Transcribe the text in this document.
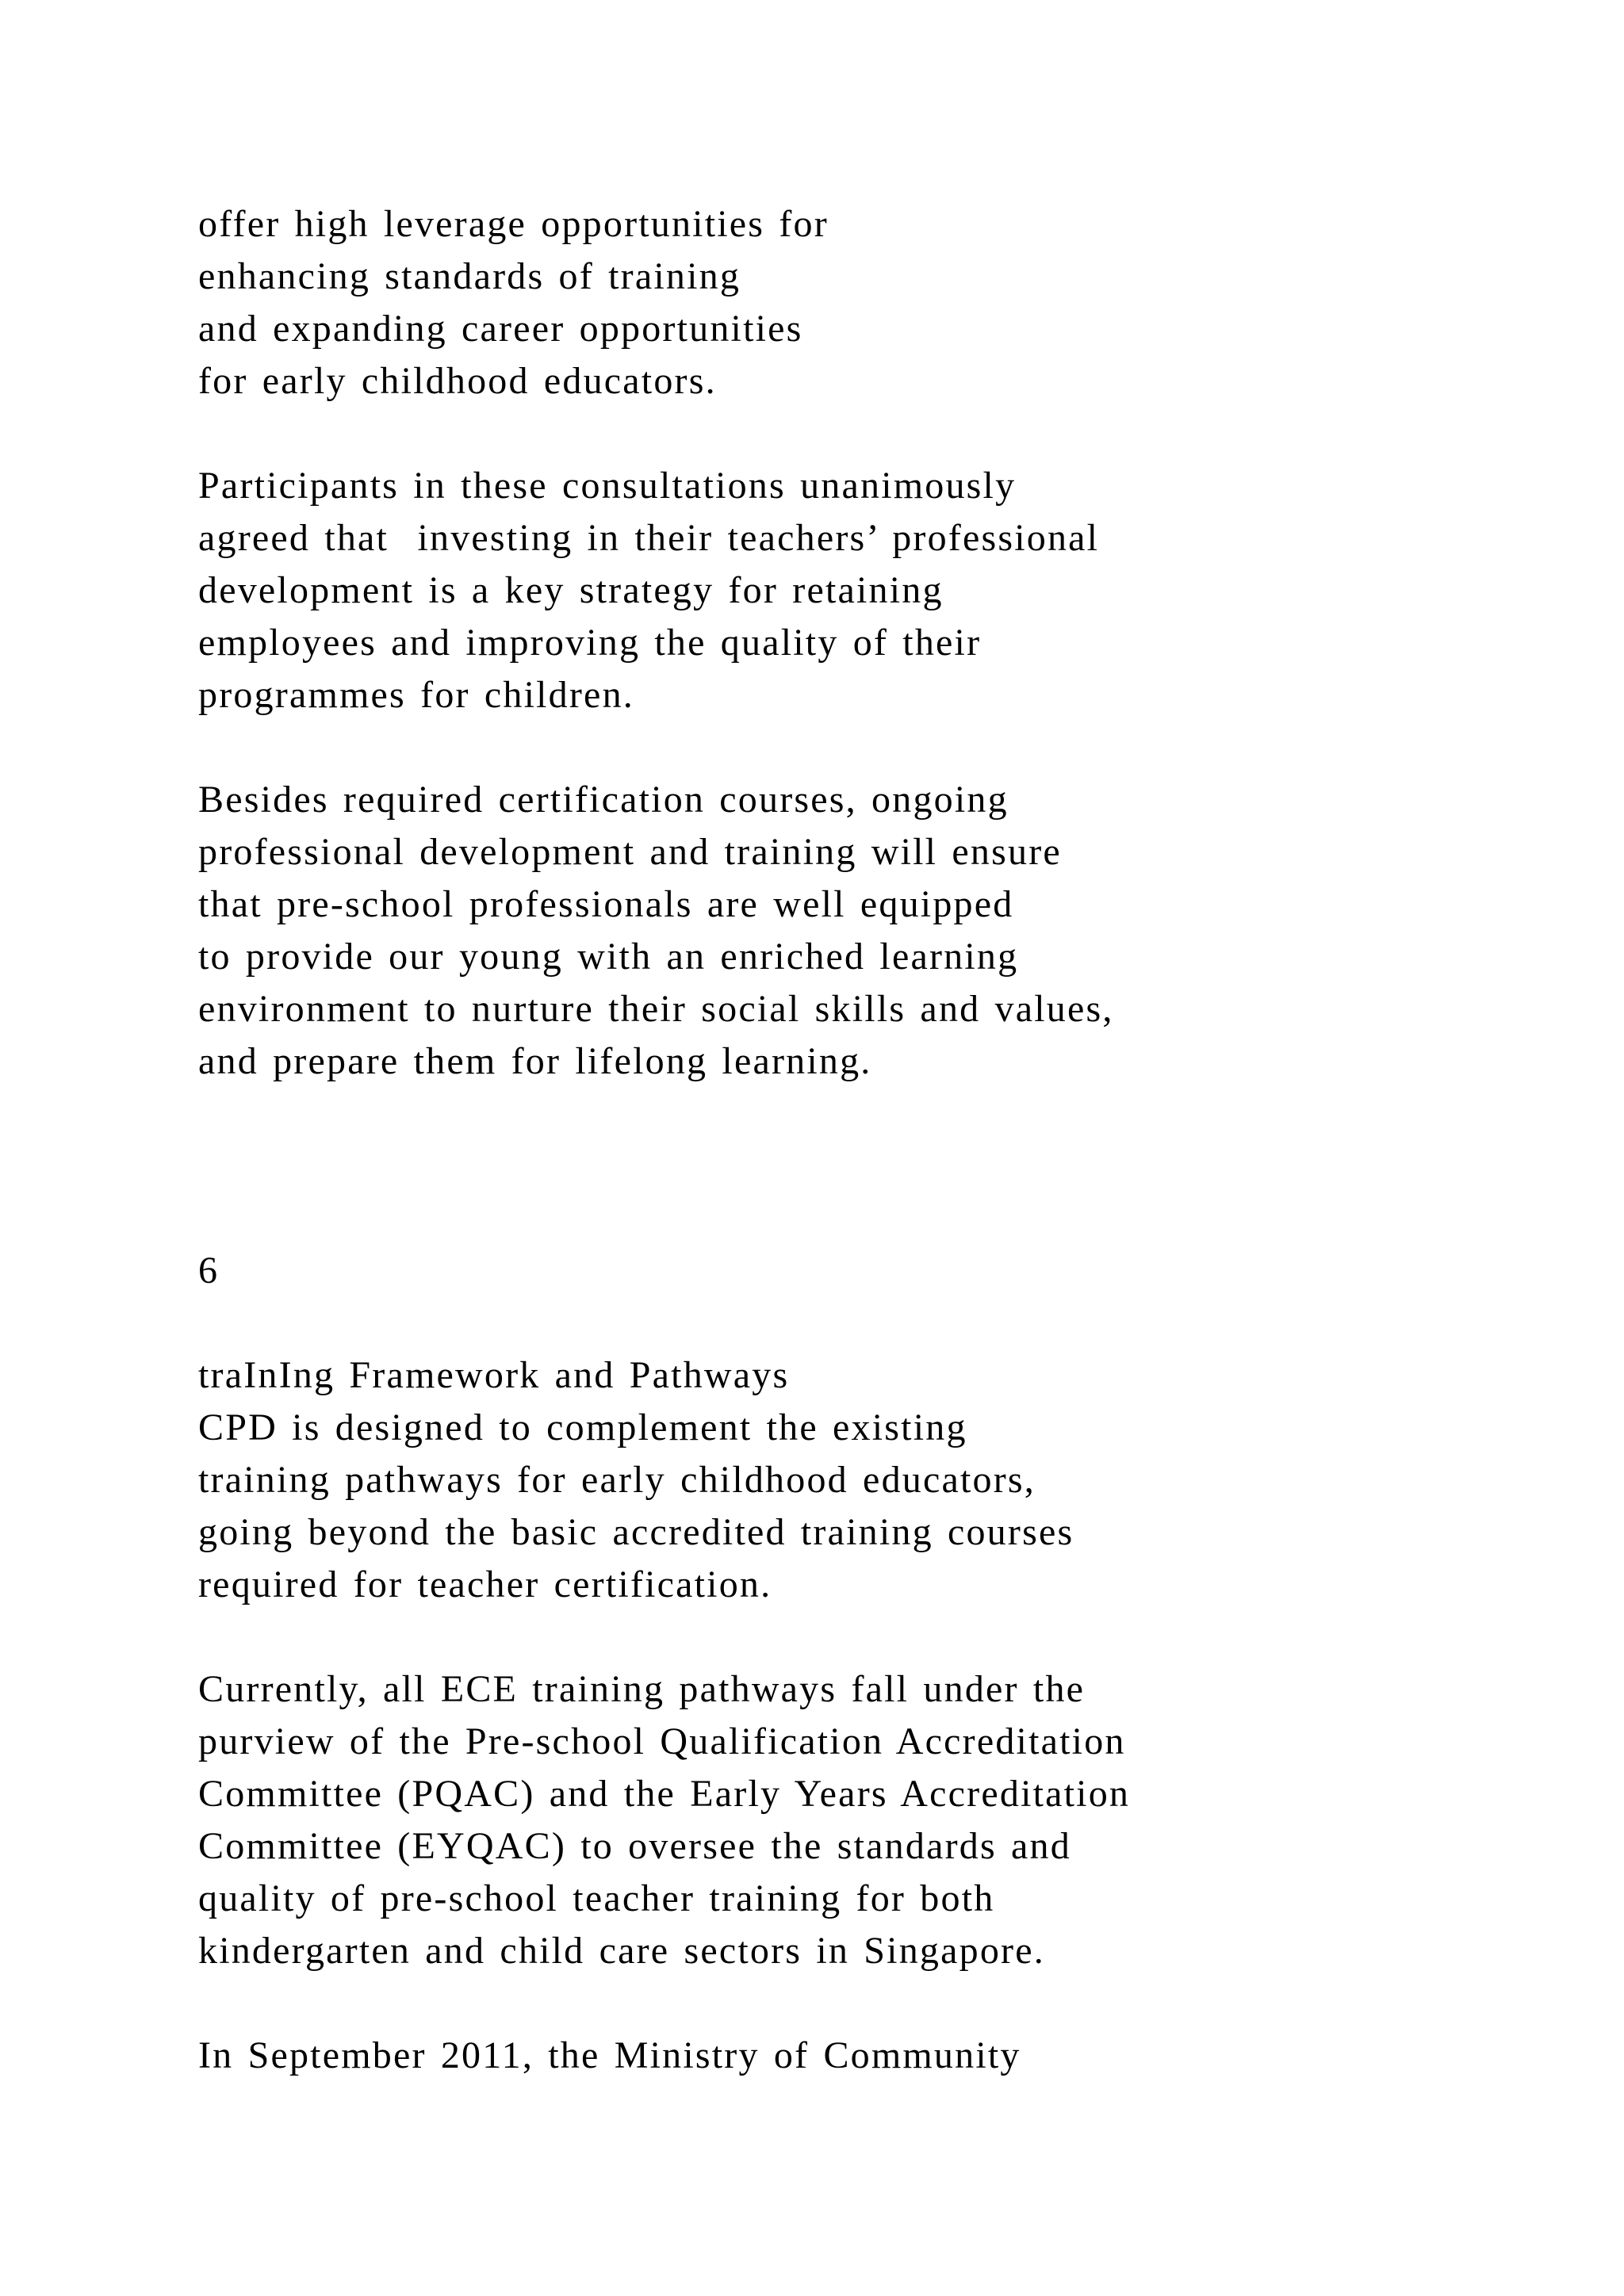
offer high leverage opportunities for

enhancing standards of training

and expanding career opportunities

for early childhood educators.

Participants in these consultations unanimously

agreed that  investing in their teachers’ professional

development is a key strategy for retaining

employees and improving the quality of their

programmes for children.

Besides required certification courses, ongoing

professional development and training will ensure

that pre-school professionals are well equipped

to provide our young with an enriched learning

environment to nurture their social skills and values,

and prepare them for lifelong learning.

6

traInIng Framework and Pathways

CPD is designed to complement the existing

training pathways for early childhood educators,

going beyond the basic accredited training courses

required for teacher certification.

Currently, all ECE training pathways fall under the

purview of the Pre-school Qualification Accreditation

Committee (PQAC) and the Early Years Accreditation

Committee (EYQAC) to oversee the standards and

quality of pre-school teacher training for both

kindergarten and child care sectors in Singapore.

In September 2011, the Ministry of Community
